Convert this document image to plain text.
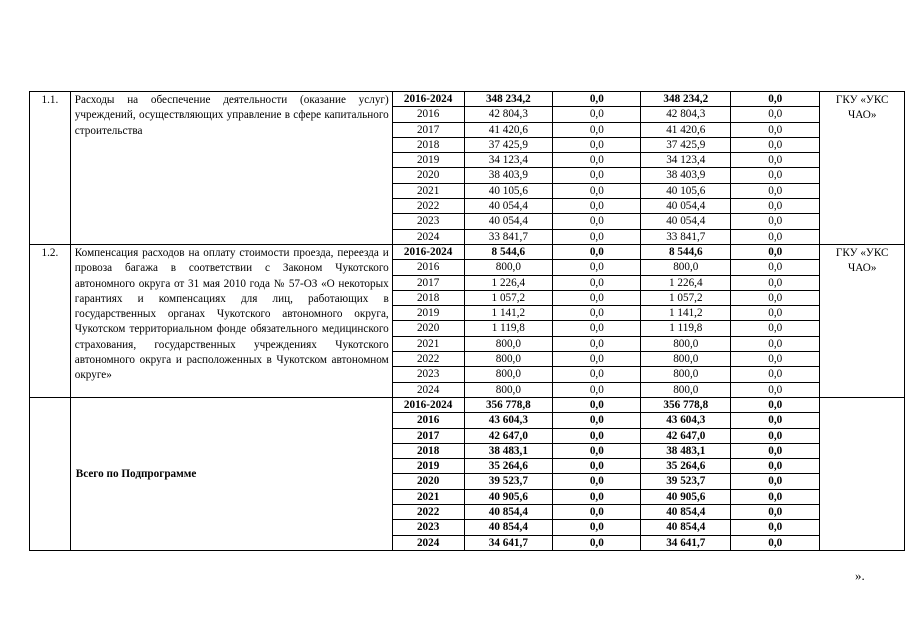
1.1.	Расходы на обеспечение деятельности (оказание услуг) учреждений, осуществляющих управление в сфере капитального строительства	2016-2024	348 234,2	0,0	348 234,2	0,0	ГКУ «УКС ЧАО»
		2016	42 804,3	0,0	42 804,3	0,0	
		2017	41 420,6	0,0	41 420,6	0,0	
		2018	37 425,9	0,0	37 425,9	0,0	
		2019	34 123,4	0,0	34 123,4	0,0	
		2020	38 403,9	0,0	38 403,9	0,0	
		2021	40 105,6	0,0	40 105,6	0,0	
		2022	40 054,4	0,0	40 054,4	0,0	
		2023	40 054,4	0,0	40 054,4	0,0	
		2024	33 841,7	0,0	33 841,7	0,0	
1.2.	Компенсация расходов на оплату стоимости проезда, переезда и провоза багажа в соответствии с Законом Чукотского автономного округа от 31 мая 2010 года № 57-ОЗ «О некоторых гарантиях и компенсациях для лиц, работающих в государственных органах Чукотского автономного округа, Чукотском территориальном фонде обязательного медицинского страхования, государственных учреждениях Чукотского автономного округа и расположенных в Чукотском автономном округе»	2016-2024	8 544,6	0,0	8 544,6	0,0	ГКУ «УКС ЧАО»
		2016	800,0	0,0	800,0	0,0	
		2017	1 226,4	0,0	1 226,4	0,0	
		2018	1 057,2	0,0	1 057,2	0,0	
		2019	1 141,2	0,0	1 141,2	0,0	
		2020	1 119,8	0,0	1 119,8	0,0	
		2021	800,0	0,0	800,0	0,0	
		2022	800,0	0,0	800,0	0,0	
		2023	800,0	0,0	800,0	0,0	
		2024	800,0	0,0	800,0	0,0	
	Всего по Подпрограмме	2016-2024	356 778,8	0,0	356 778,8	0,0	
		2016	43 604,3	0,0	43 604,3	0,0	
		2017	42 647,0	0,0	42 647,0	0,0	
		2018	38 483,1	0,0	38 483,1	0,0	
		2019	35 264,6	0,0	35 264,6	0,0	
		2020	39 523,7	0,0	39 523,7	0,0	
		2021	40 905,6	0,0	40 905,6	0,0	
		2022	40 854,4	0,0	40 854,4	0,0	
		2023	40 854,4	0,0	40 854,4	0,0	
		2024	34 641,7	0,0	34 641,7	0,0	
».
